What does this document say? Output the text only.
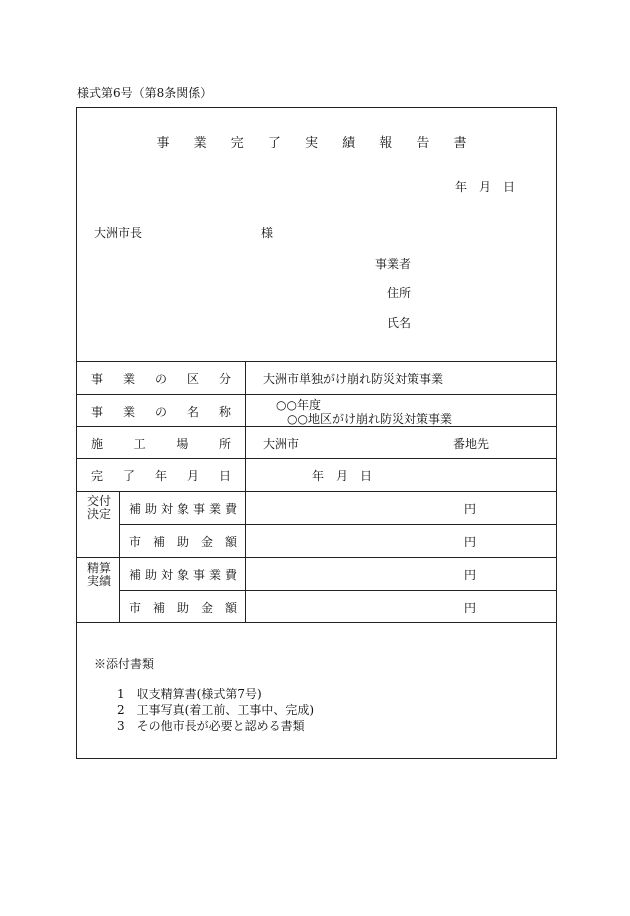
様式第6号（第8条関係）
事 業 完 了 実 績 報 告 書
年　月　日
大洲市長	様
事業者
住所
氏名
事業の区分	大洲市単独がけ崩れ防災対策事業
事業の名称	○○年度
○○地区がけ崩れ防災対策事業
施工場所	大洲市	番地先
完了年月日	年　月　日
交付決定 補助対象事業費	円
市補助金額	円
精算実績 補助対象事業費	円
市補助金額	円
※添付書類
1　収支精算書(様式第7号)
2　工事写真(着工前、工事中、完成)
3　その他市長が必要と認める書類
